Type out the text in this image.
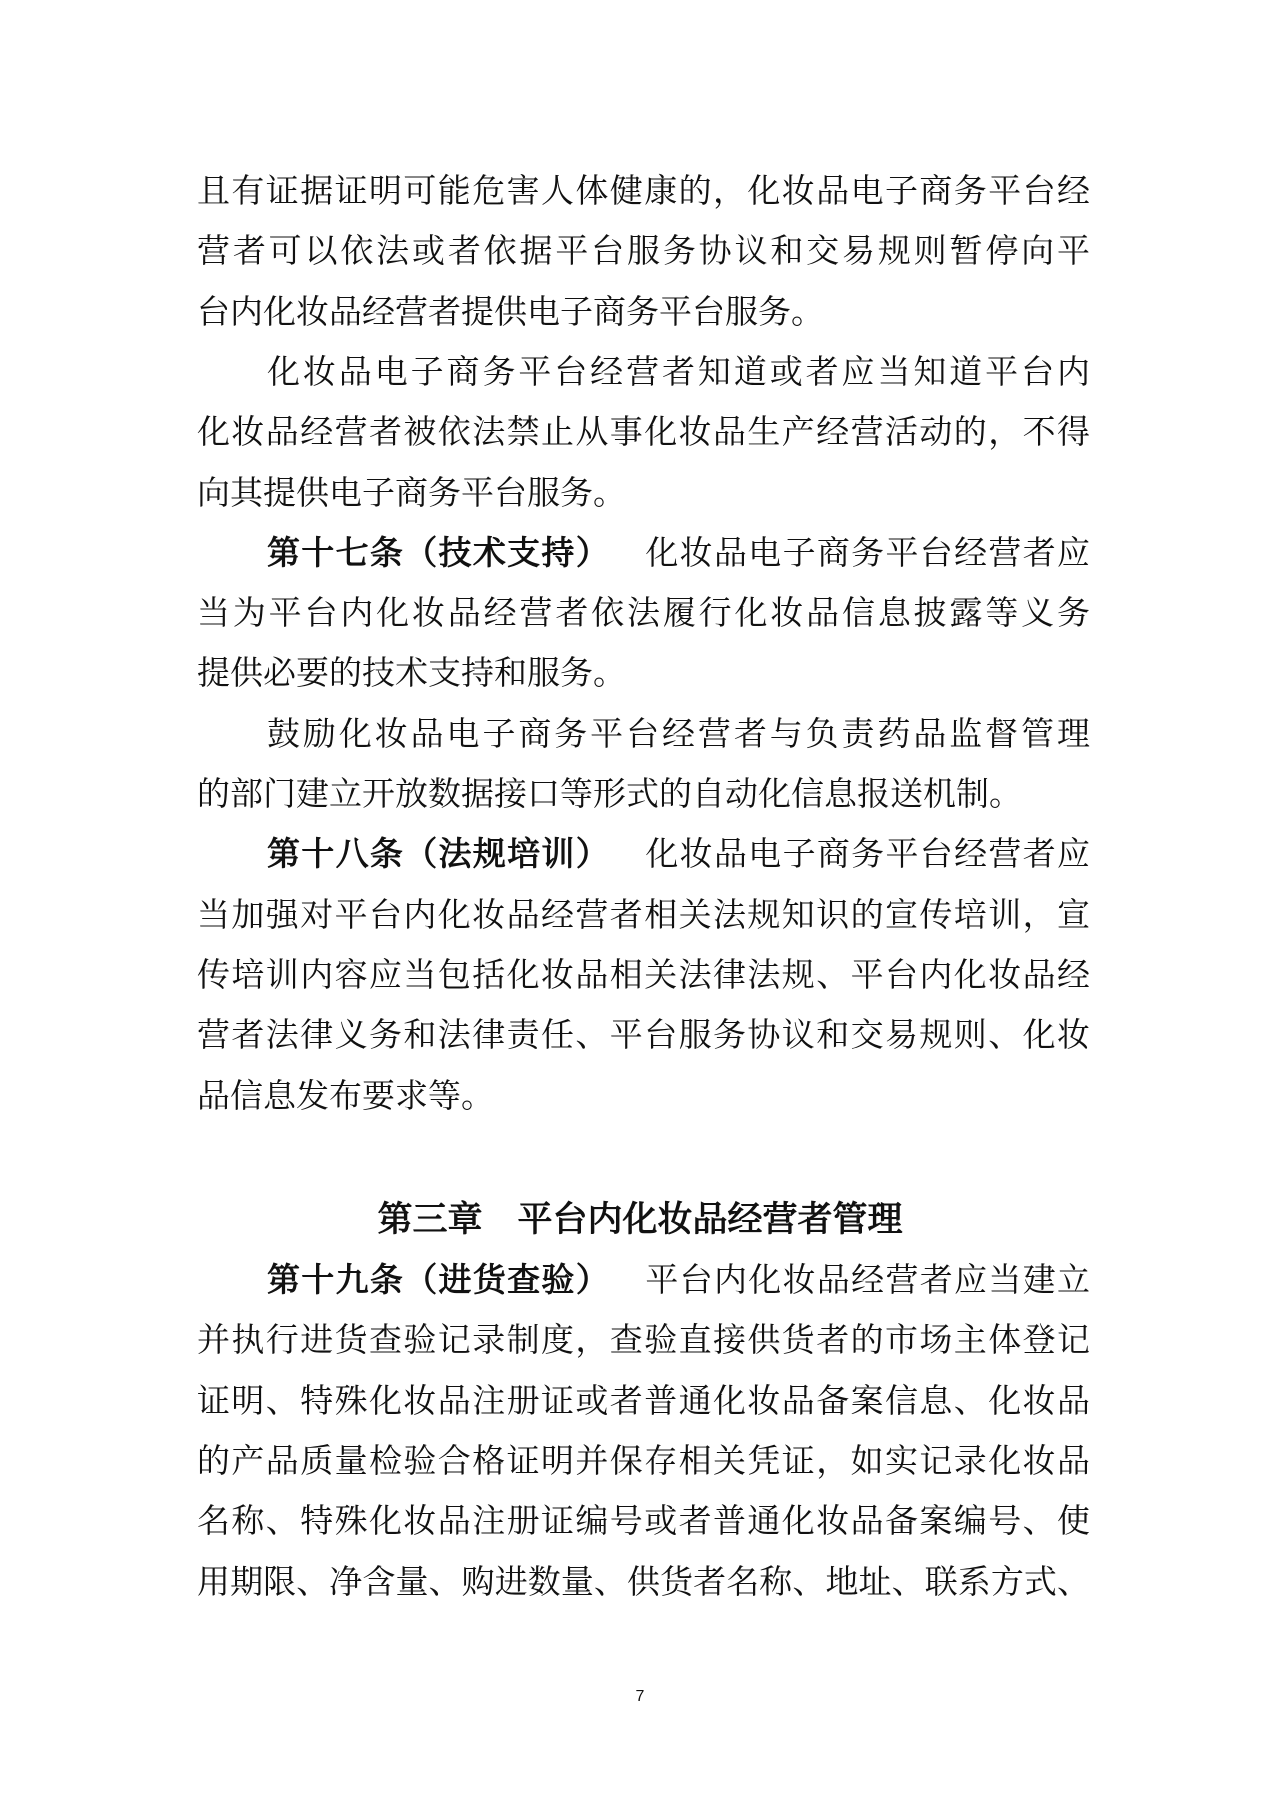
且有证据证明可能危害人体健康的，化妆品电子商务平台经
营者可以依法或者依据平台服务协议和交易规则暂停向平
台内化妆品经营者提供电子商务平台服务。
化妆品电子商务平台经营者知道或者应当知道平台内
化妆品经营者被依法禁止从事化妆品生产经营活动的，不得
向其提供电子商务平台服务。
第十七条（技术支持） 化妆品电子商务平台经营者应
当为平台内化妆品经营者依法履行化妆品信息披露等义务
提供必要的技术支持和服务。
鼓励化妆品电子商务平台经营者与负责药品监督管理
的部门建立开放数据接口等形式的自动化信息报送机制。
第十八条（法规培训） 化妆品电子商务平台经营者应
当加强对平台内化妆品经营者相关法规知识的宣传培训，宣
传培训内容应当包括化妆品相关法律法规、平台内化妆品经
营者法律义务和法律责任、平台服务协议和交易规则、化妆
品信息发布要求等。
第十九条（进货查验） 平台内化妆品经营者应当建立
并执行进货查验记录制度，查验直接供货者的市场主体登记
证明、特殊化妆品注册证或者普通化妆品备案信息、化妆品
的产品质量检验合格证明并保存相关凭证，如实记录化妆品
名称、特殊化妆品注册证编号或者普通化妆品备案编号、使
用期限、净含量、购进数量、供货者名称、地址、联系方式、
第三章　平台内化妆品经营者管理
7
